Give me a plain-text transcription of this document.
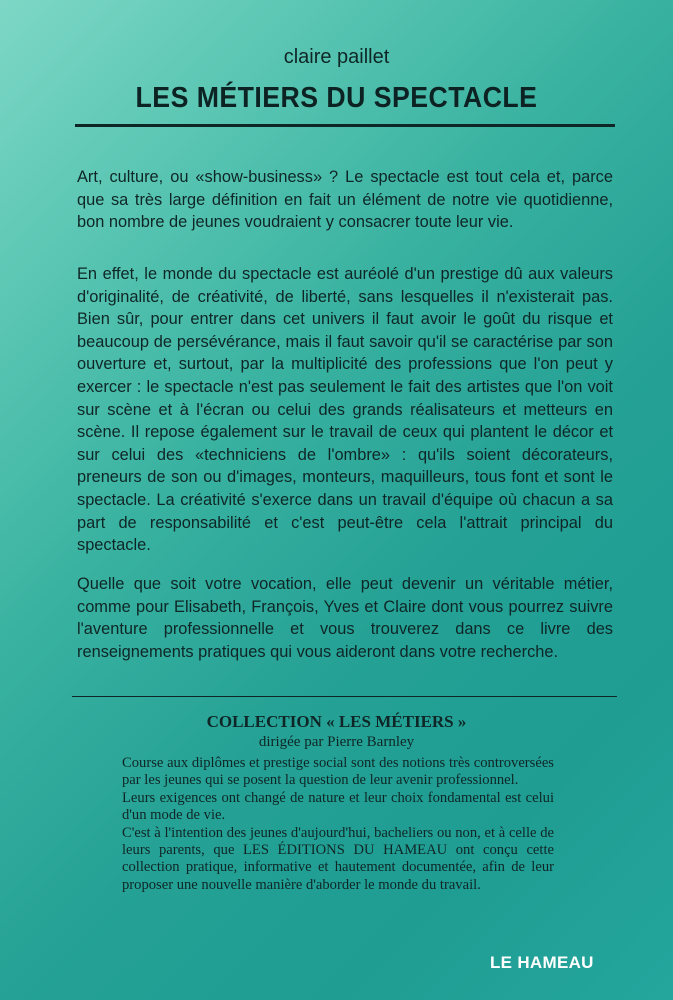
claire paillet
LES MÉTIERS DU SPECTACLE
Art, culture, ou «show-business» ? Le spectacle est tout cela et, parce que sa très large définition en fait un élément de notre vie quotidienne, bon nombre de jeunes voudraient y consacrer toute leur vie.
En effet, le monde du spectacle est auréolé d'un prestige dû aux valeurs d'originalité, de créativité, de liberté, sans lesquelles il n'existerait pas. Bien sûr, pour entrer dans cet univers il faut avoir le goût du risque et beaucoup de persévérance, mais il faut savoir qu'il se caractérise par son ouverture et, surtout, par la multiplicité des professions que l'on peut y exercer : le spectacle n'est pas seulement le fait des artistes que l'on voit sur scène et à l'écran ou celui des grands réalisateurs et metteurs en scène. Il repose également sur le travail de ceux qui plantent le décor et sur celui des «techniciens de l'ombre» : qu'ils soient décorateurs, preneurs de son ou d'images, monteurs, maquilleurs, tous font et sont le spectacle. La créativité s'exerce dans un travail d'équipe où chacun a sa part de responsabilité et c'est peut-être cela l'attrait principal du spectacle.
Quelle que soit votre vocation, elle peut devenir un véritable métier, comme pour Elisabeth, François, Yves et Claire dont vous pourrez suivre l'aventure professionnelle et vous trouverez dans ce livre des renseignements pratiques qui vous aideront dans votre recherche.
COLLECTION « LES MÉTIERS »
dirigée par Pierre Barnley
Course aux diplômes et prestige social sont des notions très controversées par les jeunes qui se posent la question de leur avenir professionnel.
Leurs exigences ont changé de nature et leur choix fondamental est celui d'un mode de vie.
C'est à l'intention des jeunes d'aujourd'hui, bacheliers ou non, et à celle de leurs parents, que LES ÉDITIONS DU HAMEAU ont conçu cette collection pratique, informative et hautement documentée, afin de leur proposer une nouvelle manière d'aborder le monde du travail.
LE HAMEAU
